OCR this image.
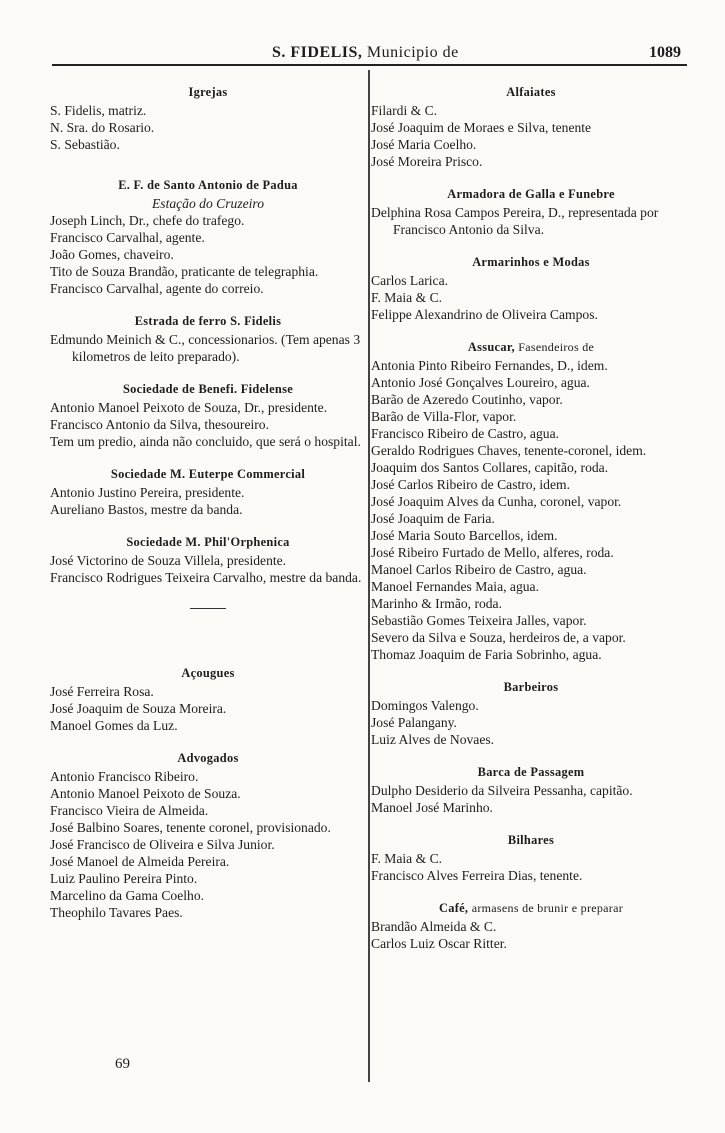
S. FIDELIS, Municipio de	1089
Igrejas
S. Fidelis, matriz.
N. Sra. do Rosario.
S. Sebastião.
E. F. de Santo Antonio de Padua
Estação do Cruzeiro
Joseph Linch, Dr., chefe do trafego.
Francisco Carvalhal, agente.
João Gomes, chaveiro.
Tito de Souza Brandão, praticante de telegraphia.
Francisco Carvalhal, agente do correio.
Estrada de ferro S. Fidelis
Edmundo Meinich & C., concessionarios. (Tem apenas 3 kilometros de leito preparado).
Sociedade de Benefi. Fidelense
Antonio Manoel Peixoto de Souza, Dr., presidente.
Francisco Antonio da Silva, thesoureiro.
Tem um predio, ainda não concluido, que será o hospital.
Sociedade M. Euterpe Commercial
Antonio Justino Pereira, presidente.
Aureliano Bastos, mestre da banda.
Sociedade M. Phil'Orphenica
José Victorino de Souza Villela, presidente.
Francisco Rodrigues Teixeira Carvalho, mestre da banda.
Açougues
José Ferreira Rosa.
José Joaquim de Souza Moreira.
Manoel Gomes da Luz.
Advogados
Antonio Francisco Ribeiro.
Antonio Manoel Peixoto de Souza.
Francisco Vieira de Almeida.
José Balbino Soares, tenente coronel, provisionado.
José Francisco de Oliveira e Silva Junior.
José Manoel de Almeida Pereira.
Luiz Paulino Pereira Pinto.
Marcelino da Gama Coelho.
Theophilo Tavares Paes.
Alfaiates
Filardi & C.
José Joaquim de Moraes e Silva, tenente
José Maria Coelho.
José Moreira Prisco.
Armadora de Galla e Funebre
Delphina Rosa Campos Pereira, D., representada por Francisco Antonio da Silva.
Armarinhos e Modas
Carlos Larica.
F. Maia & C.
Felippe Alexandrino de Oliveira Campos.
Assucar, Fasendeiros de
Antonia Pinto Ribeiro Fernandes, D., idem.
Antonio José Gonçalves Loureiro, agua.
Barão de Azeredo Coutinho, vapor.
Barão de Villa-Flor, vapor.
Francisco Ribeiro de Castro, agua.
Geraldo Rodrigues Chaves, tenente-coronel, idem.
Joaquim dos Santos Collares, capitão, roda.
José Carlos Ribeiro de Castro, idem.
José Joaquim Alves da Cunha, coronel, vapor.
José Joaquim de Faria.
José Maria Souto Barcellos, idem.
José Ribeiro Furtado de Mello, alferes, roda.
Manoel Carlos Ribeiro de Castro, agua.
Manoel Fernandes Maia, agua.
Marinho & Irmão, roda.
Sebastião Gomes Teixeira Jalles, vapor.
Severo da Silva e Souza, herdeiros de, a vapor.
Thomaz Joaquim de Faria Sobrinho, agua.
Barbeiros
Domingos Valengo.
José Palangany.
Luiz Alves de Novaes.
Barca de Passagem
Dulpho Desiderio da Silveira Pessanha, capitão.
Manoel José Marinho.
Bilhares
F. Maia & C.
Francisco Alves Ferreira Dias, tenente.
Café, armasens de brunir e preparar
Brandão Almeida & C.
Carlos Luiz Oscar Ritter.
69
